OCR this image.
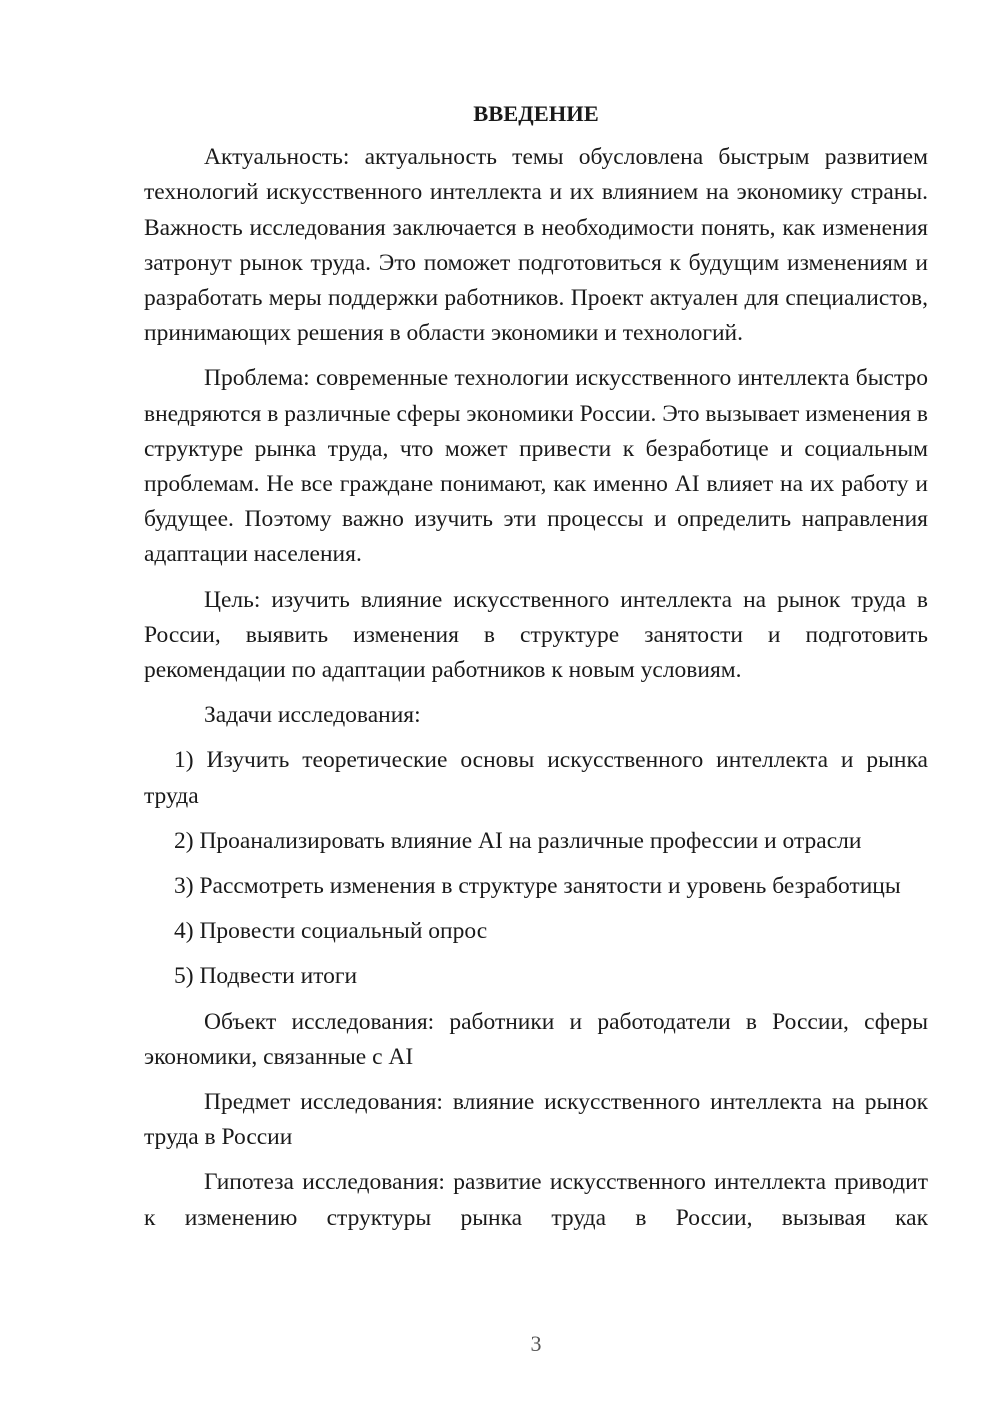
ВВЕДЕНИЕ

Актуальность: актуальность темы обусловлена быстрым развитием технологий искусственного интеллекта и их влиянием на экономику страны. Важность исследования заключается в необходимости понять, как изменения затронут рынок труда. Это поможет подготовиться к будущим изменениям и разработать меры поддержки работников. Проект актуален для специалистов, принимающих решения в области экономики и технологий.

Проблема: современные технологии искусственного интеллекта быстро внедряются в различные сферы экономики России. Это вызывает изменения в структуре рынка труда, что может привести к безработице и социальным проблемам. Не все граждане понимают, как именно AI влияет на их работу и будущее. Поэтому важно изучить эти процессы и определить направления адаптации населения.

Цель: изучить влияние искусственного интеллекта на рынок труда в России, выявить изменения в структуре занятости и подготовить рекомендации по адаптации работников к новым условиям.

Задачи исследования:

1) Изучить теоретические основы искусственного интеллекта и рынка труда

2) Проанализировать влияние AI на различные профессии и отрасли

3) Рассмотреть изменения в структуре занятости и уровень безработицы

4) Провести социальный опрос

5) Подвести итоги

Объект исследования: работники и работодатели в России, сферы экономики, связанные с AI

Предмет исследования: влияние искусственного интеллекта на рынок труда в России

Гипотеза исследования: развитие искусственного интеллекта приводит к изменению структуры рынка труда в России, вызывая как

3
